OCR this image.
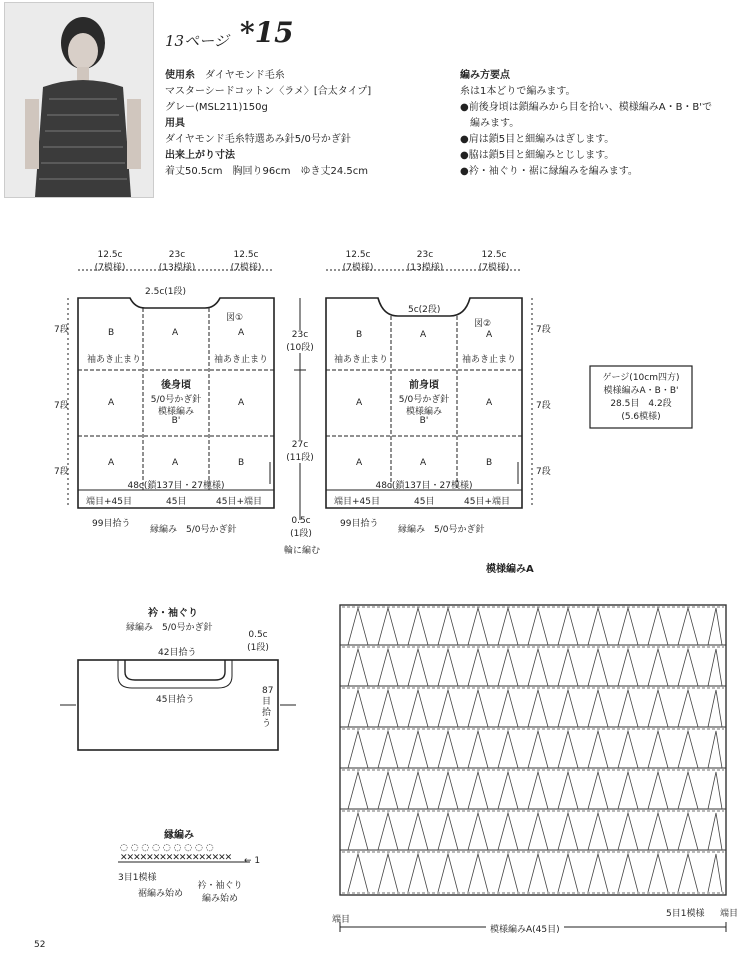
13ページ *15
使用糸　 ダイヤモンド毛糸
マスターシードコットン〈ラメ〉[合太タイプ]
グレー(MSL211)150g
用具
ダイヤモンド毛糸特選あみ針5/0号かぎ針
出来上がり寸法
着丈50.5cm　胸回り96cm　ゆき丈24.5cm
編み方要点
糸は1本どりで編みます。
●前後身頃は鎖編みから目を拾い、模様編みA・B・B'で
編みます。
●肩は鎖5目と細編みはぎします。
●脇は鎖5目と細編みとじします。
●衿・袖ぐり・裾に縁編みを編みます。
12.5c
(7模様)
23c
(13模様)
12.5c
(7模様)
2.5c(1段)
図①
B	A	A
袖あき止まり	袖あき止まり
後身頃
5/0号かぎ針
模様編み
B'
A	A
A	A	B
7段
7段
7段
48c(鎖137目・27模様)
端目+45目	45目	45目+端目
99目拾う
縁編み　5/0号かぎ針
23c
(10段)
27c
(11段)
0.5c
(1段)
輪に編む
12.5c
(7模様)
23c
(13模様)
12.5c
(7模様)
5c(2段)
図②
B	A	A
袖あき止まり	袖あき止まり
前身頃
5/0号かぎ針
模様編み
B'
A	A
A	A	B
7段
7段
7段
48c(鎖137目・27模様)
端目+45目	45目	45目+端目
99目拾う
縁編み　5/0号かぎ針
ゲージ(10cm四方)
模様編みA・B・B'
28.5目　4.2段
(5.6模様)
衿・袖ぐり
縁編み　5/0号かぎ針
42目拾う
45目拾う
0.5c
(1段)
87目拾う
縁編み
✕✕✕✕✕✕✕✕✕✕✕✕✕✕✕✕✕
◌ ◌ ◌ ◌ ◌ ◌ ◌ ◌ ◌
← 1
3目1模様
裾編み始め
衿・袖ぐり
編み始め
模様編みA
端目
5目1模様 端目
模様編みA(45目)
52
